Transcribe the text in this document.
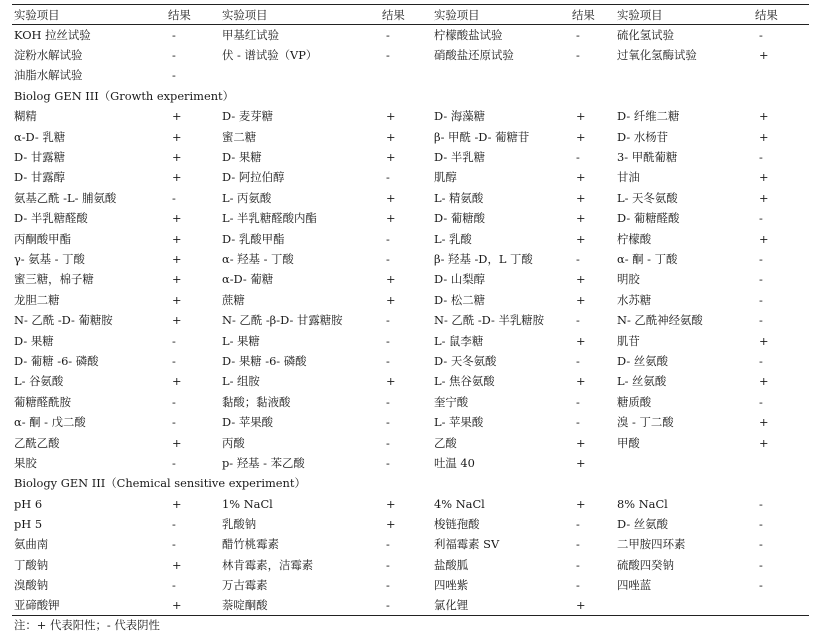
实验项目	结果	实验项目	结果	实验项目	结果	实验项目	结果
KOH 拉丝试验	-	甲基红试验	-	柠檬酸盐试验	-	硫化氢试验	-
淀粉水解试验	-	伏 - 谱试验（VP）	-	硝酸盐还原试验	-	过氧化氢酶试验	+
油脂水解试验	-						
Biolog GEN III（Growth experiment）							
糊精	+	D- 麦芽糖	+	D- 海藻糖	+	D- 纤维二糖	+
α-D- 乳糖	+	蜜二糖	+	β- 甲酰 -D- 葡糖苷	+	D- 水杨苷	+
D- 甘露糖	+	D- 果糖	+	D- 半乳糖	-	3- 甲酰葡糖	-
D- 甘露醇	+	D- 阿拉伯醇	-	肌醇	+	甘油	+
氨基乙酰 -L- 脯氨酸	-	L- 丙氨酸	+	L- 精氨酸	+	L- 天冬氨酸	+
D- 半乳糖醛酸	+	L- 半乳糖醛酸内酯	+	D- 葡糖酸	+	D- 葡糖醛酸	-
丙酮酸甲酯	+	D- 乳酸甲酯	-	L- 乳酸	+	柠檬酸	+
γ- 氨基 - 丁酸	+	α- 羟基 - 丁酸	-	β- 羟基 -D，L 丁酸	-	α- 酮 - 丁酸	-
蜜三糖，棉子糖	+	α-D- 葡糖	+	D- 山梨醇	+	明胶	-
龙胆二糖	+	蔗糖	+	D- 松二糖	+	水苏糖	-
N- 乙酰 -D- 葡糖胺	+	N- 乙酰 -β-D- 甘露糖胺	-	N- 乙酰 -D- 半乳糖胺	-	N- 乙酰神经氨酸	-
D- 果糖	-	L- 果糖	-	L- 鼠李糖	+	肌苷	+
D- 葡糖 -6- 磷酸	-	D- 果糖 -6- 磷酸	-	D- 天冬氨酸	-	D- 丝氨酸	-
L- 谷氨酸	+	L- 组胺	+	L- 焦谷氨酸	+	L- 丝氨酸	+
葡糖醛酰胺	-	黏酸；黏液酸	-	奎宁酸	-	糖质酸	-
α- 酮 - 戊二酸	-	D- 苹果酸	-	L- 苹果酸	-	溴 - 丁二酸	+
乙酰乙酸	+	丙酸	-	乙酸	+	甲酸	+
果胶	-	p- 羟基 - 苯乙酸	-	吐温 40	+		
Biology GEN III（Chemical sensitive experiment）							
pH 6	+	1% NaCl	+	4% NaCl	+	8% NaCl	-
pH 5	-	乳酸钠	+	梭链孢酸	-	D- 丝氨酸	-
氨曲南	-	醋竹桃霉素	-	利福霉素 SV	-	二甲胺四环素	-
丁酸钠	+	林肯霉素，洁霉素	-	盐酸胍	-	硫酸四癸钠	-
溴酸钠	-	万古霉素	-	四唑紫	-	四唑蓝	-
亚碲酸钾	+	萘啶酮酸	-	氯化锂	+		
注：+ 代表阳性；- 代表阴性
